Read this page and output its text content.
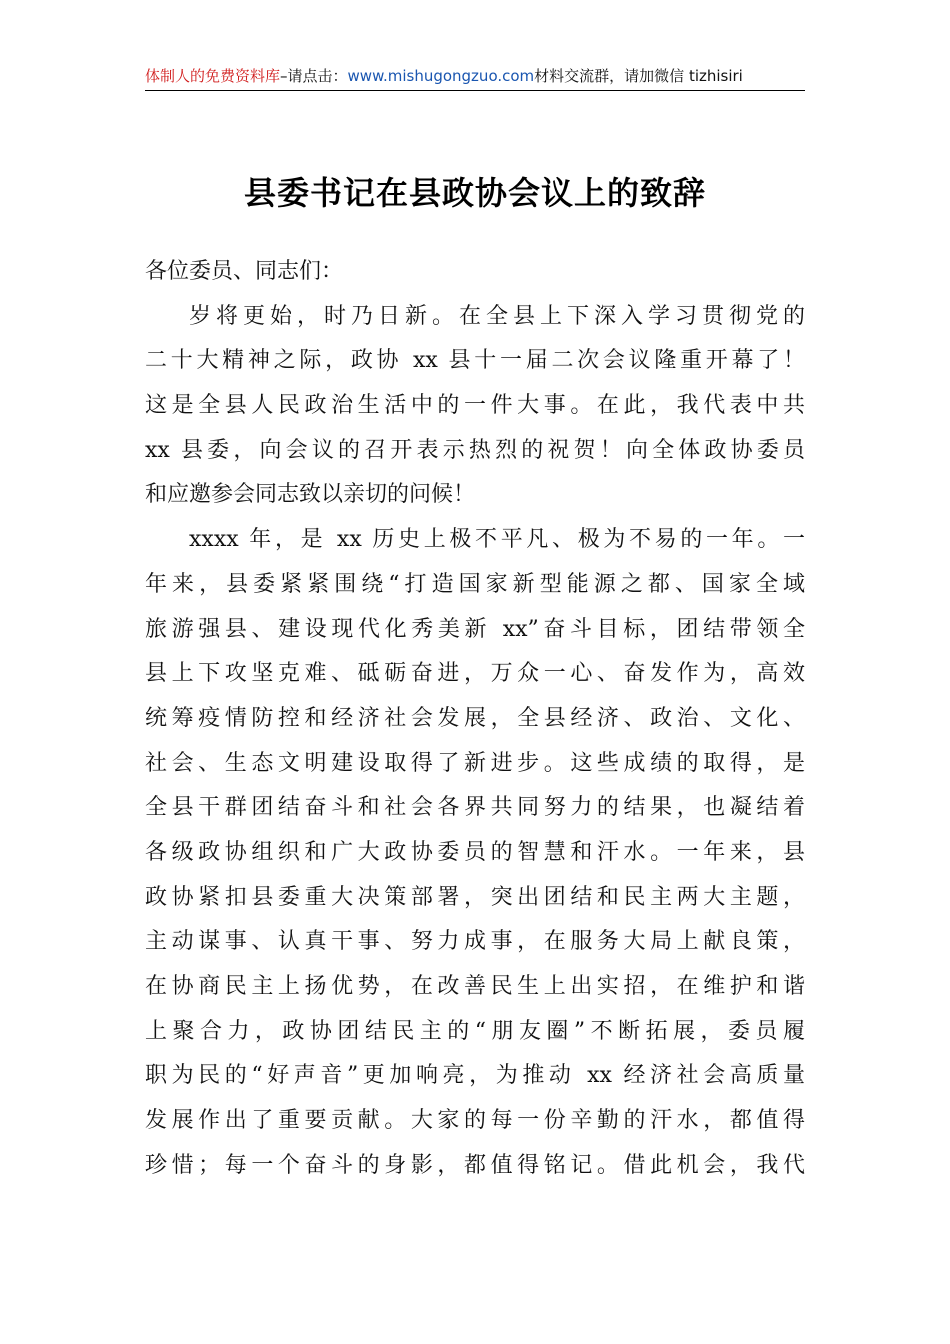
体制人的免费资料库–请点击：www.mishugongzuo.com材料交流群，请加微信 tizhisiri
县委书记在县政协会议上的致辞
各位委员、同志们：
岁将更始，时乃日新。在全县上下深入学习贯彻党的
二十大精神之际，政协 xx 县十一届二次会议隆重开幕了！
这是全县人民政治生活中的一件大事。在此，我代表中共
xx 县委，向会议的召开表示热烈的祝贺！向全体政协委员
和应邀参会同志致以亲切的问候！
xxxx 年，是 xx 历史上极不平凡、极为不易的一年。一
年来，县委紧紧围绕“打造国家新型能源之都、国家全域
旅游强县、建设现代化秀美新 xx”奋斗目标，团结带领全
县上下攻坚克难、砥砺奋进，万众一心、奋发作为，高效
统筹疫情防控和经济社会发展，全县经济、政治、文化、
社会、生态文明建设取得了新进步。这些成绩的取得，是
全县干群团结奋斗和社会各界共同努力的结果，也凝结着
各级政协组织和广大政协委员的智慧和汗水。一年来，县
政协紧扣县委重大决策部署，突出团结和民主两大主题，
主动谋事、认真干事、努力成事，在服务大局上献良策，
在协商民主上扬优势，在改善民生上出实招，在维护和谐
上聚合力，政协团结民主的“朋友圈”不断拓展，委员履
职为民的“好声音”更加响亮，为推动 xx 经济社会高质量
发展作出了重要贡献。大家的每一份辛勤的汗水，都值得
珍惜；每一个奋斗的身影，都值得铭记。借此机会，我代
